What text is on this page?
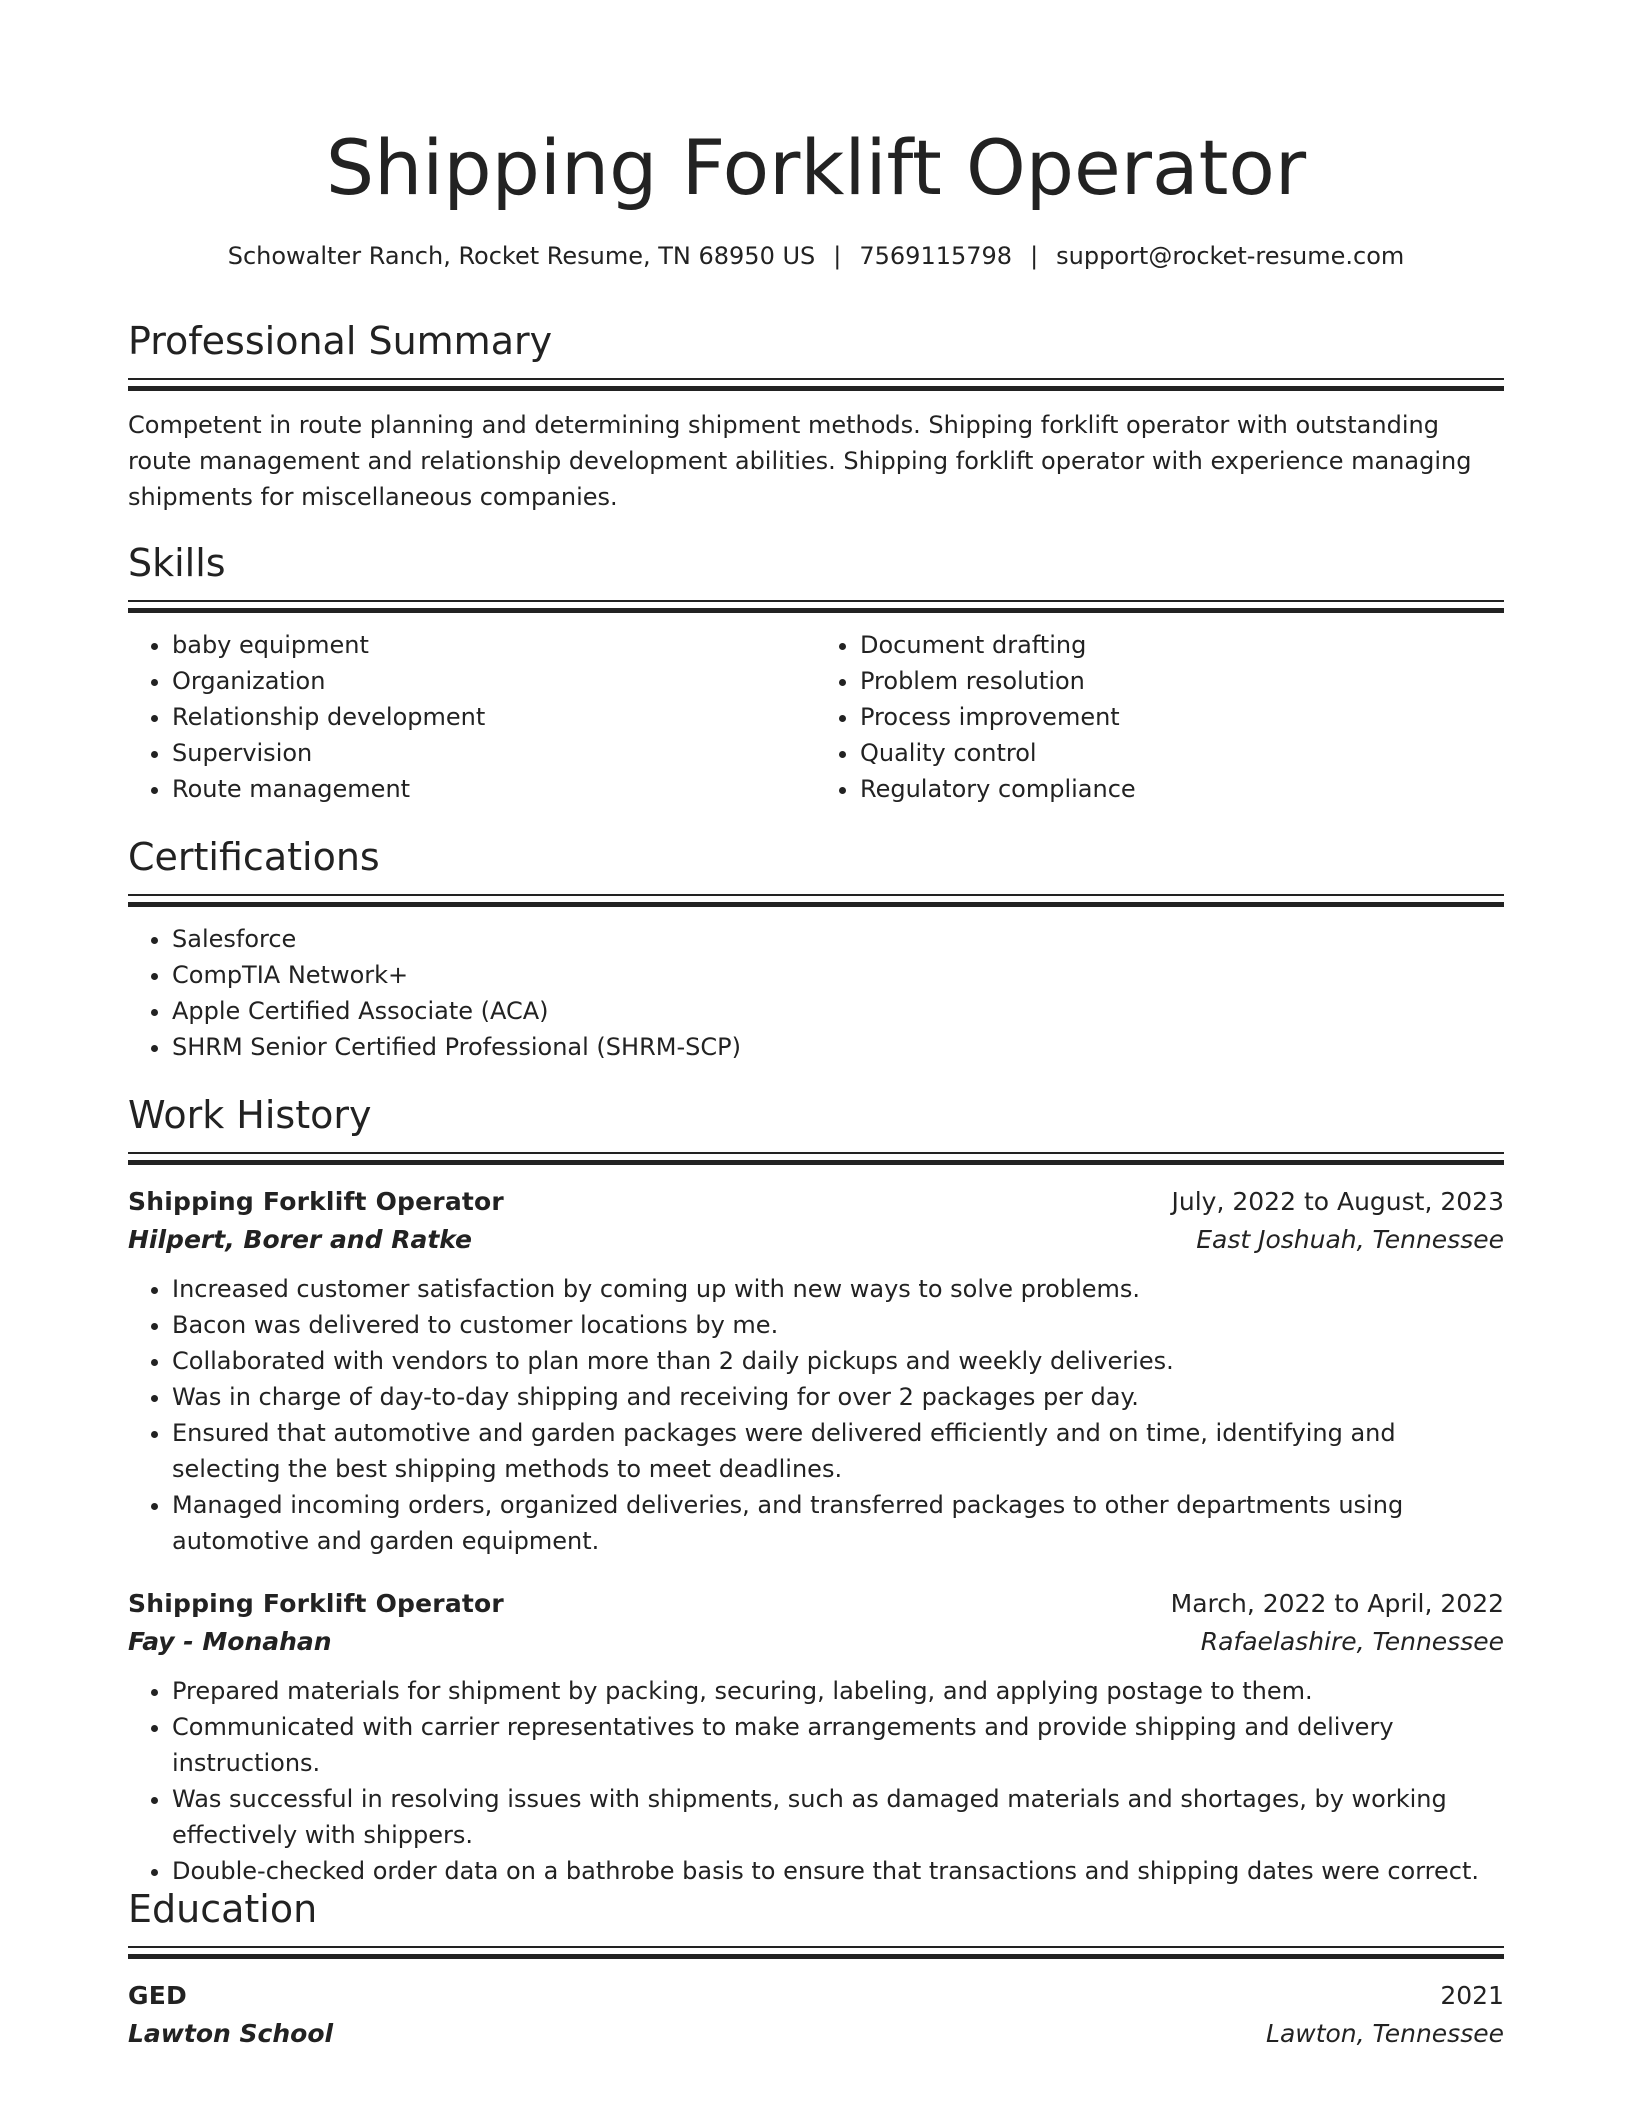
Shipping Forklift Operator
Schowalter Ranch, Rocket Resume, TN 68950 US | 7569115798 | support@rocket-resume.com
Professional Summary

Competent in route planning and determining shipment methods. Shipping forklift operator with outstanding route management and relationship development abilities. Shipping forklift operator with experience managing shipments for miscellaneous companies.

Skills
• baby equipment
• Organization
• Relationship development
• Supervision
• Route management
• Document drafting
• Problem resolution
• Process improvement
• Quality control
• Regulatory compliance
Certifications
• Salesforce
• CompTIA Network+
• Apple Certified Associate (ACA)
• SHRM Senior Certified Professional (SHRM-SCP)
Work History
Shipping Forklift Operator	July, 2022 to August, 2023
Hilpert, Borer and Ratke	East Joshuah, Tennessee
• Increased customer satisfaction by coming up with new ways to solve problems.
• Bacon was delivered to customer locations by me.
• Collaborated with vendors to plan more than 2 daily pickups and weekly deliveries.
• Was in charge of day-to-day shipping and receiving for over 2 packages per day.
• Ensured that automotive and garden packages were delivered efficiently and on time, identifying and selecting the best shipping methods to meet deadlines.
• Managed incoming orders, organized deliveries, and transferred packages to other departments using automotive and garden equipment.
Shipping Forklift Operator	March, 2022 to April, 2022
Fay - Monahan	Rafaelashire, Tennessee
• Prepared materials for shipment by packing, securing, labeling, and applying postage to them.
• Communicated with carrier representatives to make arrangements and provide shipping and delivery instructions.
• Was successful in resolving issues with shipments, such as damaged materials and shortages, by working effectively with shippers.
• Double-checked order data on a bathrobe basis to ensure that transactions and shipping dates were correct.
Education
GED	2021
Lawton School	Lawton, Tennessee
